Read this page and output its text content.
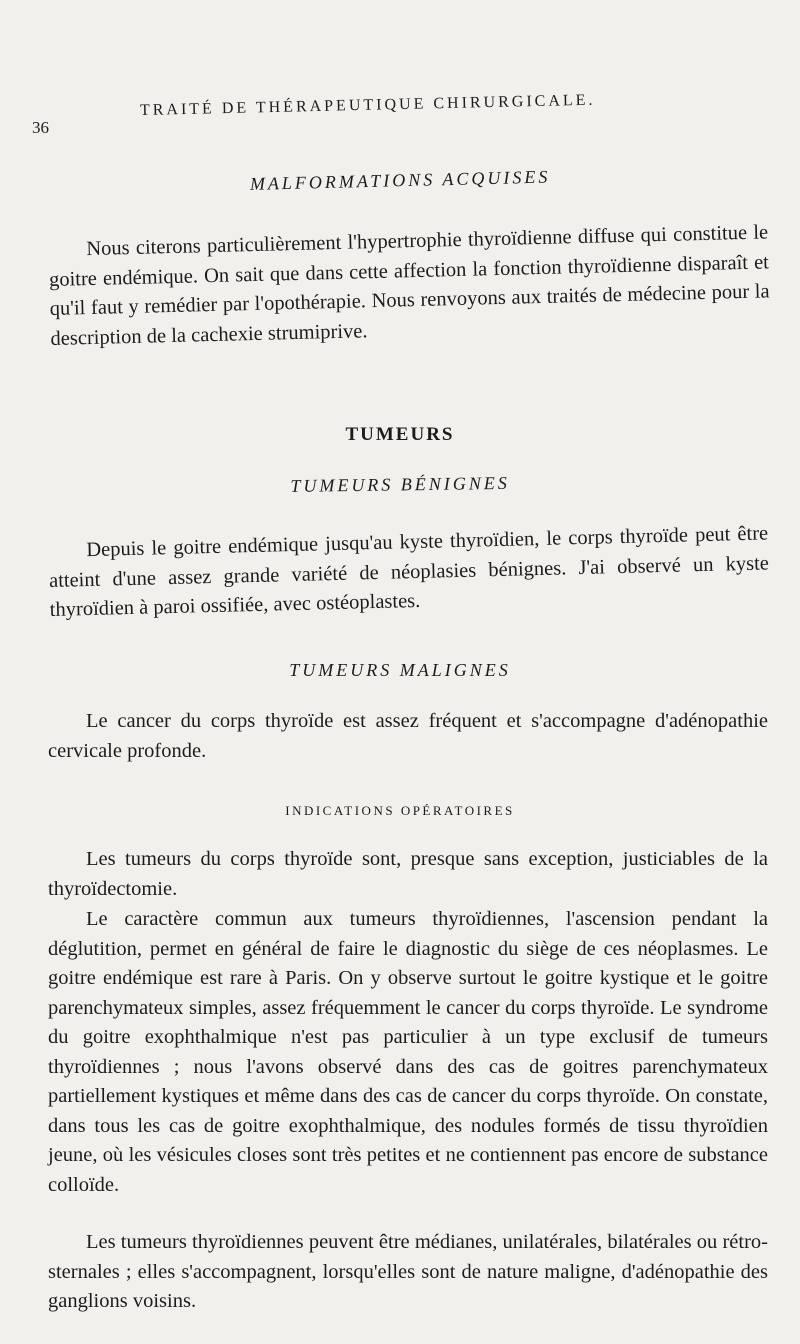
36
TRAITÉ DE THÉRAPEUTIQUE CHIRURGICALE.
MALFORMATIONS ACQUISES

Nous citerons particulièrement l'hypertrophie thyroïdienne diffuse qui constitue le goitre endémique. On sait que dans cette affection la fonction thyroïdienne disparaît et qu'il faut y remédier par l'opothérapie. Nous renvoyons aux traités de médecine pour la description de la cachexie strumiprive.

TUMEURS
TUMEURS BÉNIGNES

Depuis le goitre endémique jusqu'au kyste thyroïdien, le corps thyroïde peut être atteint d'une assez grande variété de néoplasies bénignes. J'ai observé un kyste thyroïdien à paroi ossifiée, avec ostéoplastes.

TUMEURS MALIGNES

Le cancer du corps thyroïde est assez fréquent et s'accompagne d'adénopathie cervicale profonde.

INDICATIONS OPÉRATOIRES

Les tumeurs du corps thyroïde sont, presque sans exception, justiciables de la thyroïdectomie.

Le caractère commun aux tumeurs thyroïdiennes, l'ascension pendant la déglutition, permet en général de faire le diagnostic du siège de ces néoplasmes. Le goitre endémique est rare à Paris. On y observe surtout le goitre kystique et le goitre parenchymateux simples, assez fréquemment le cancer du corps thyroïde. Le syndrome du goitre exophthalmique n'est pas particulier à un type exclusif de tumeurs thyroïdiennes ; nous l'avons observé dans des cas de goitres parenchymateux partiellement kystiques et même dans des cas de cancer du corps thyroïde. On constate, dans tous les cas de goitre exophthalmique, des nodules formés de tissu thyroïdien jeune, où les vésicules closes sont très petites et ne contiennent pas encore de substance colloïde.

Les tumeurs thyroïdiennes peuvent être médianes, unilatérales, bilatérales ou rétro-sternales ; elles s'accompagnent, lorsqu'elles sont de nature maligne, d'adénopathie des ganglions voisins.
